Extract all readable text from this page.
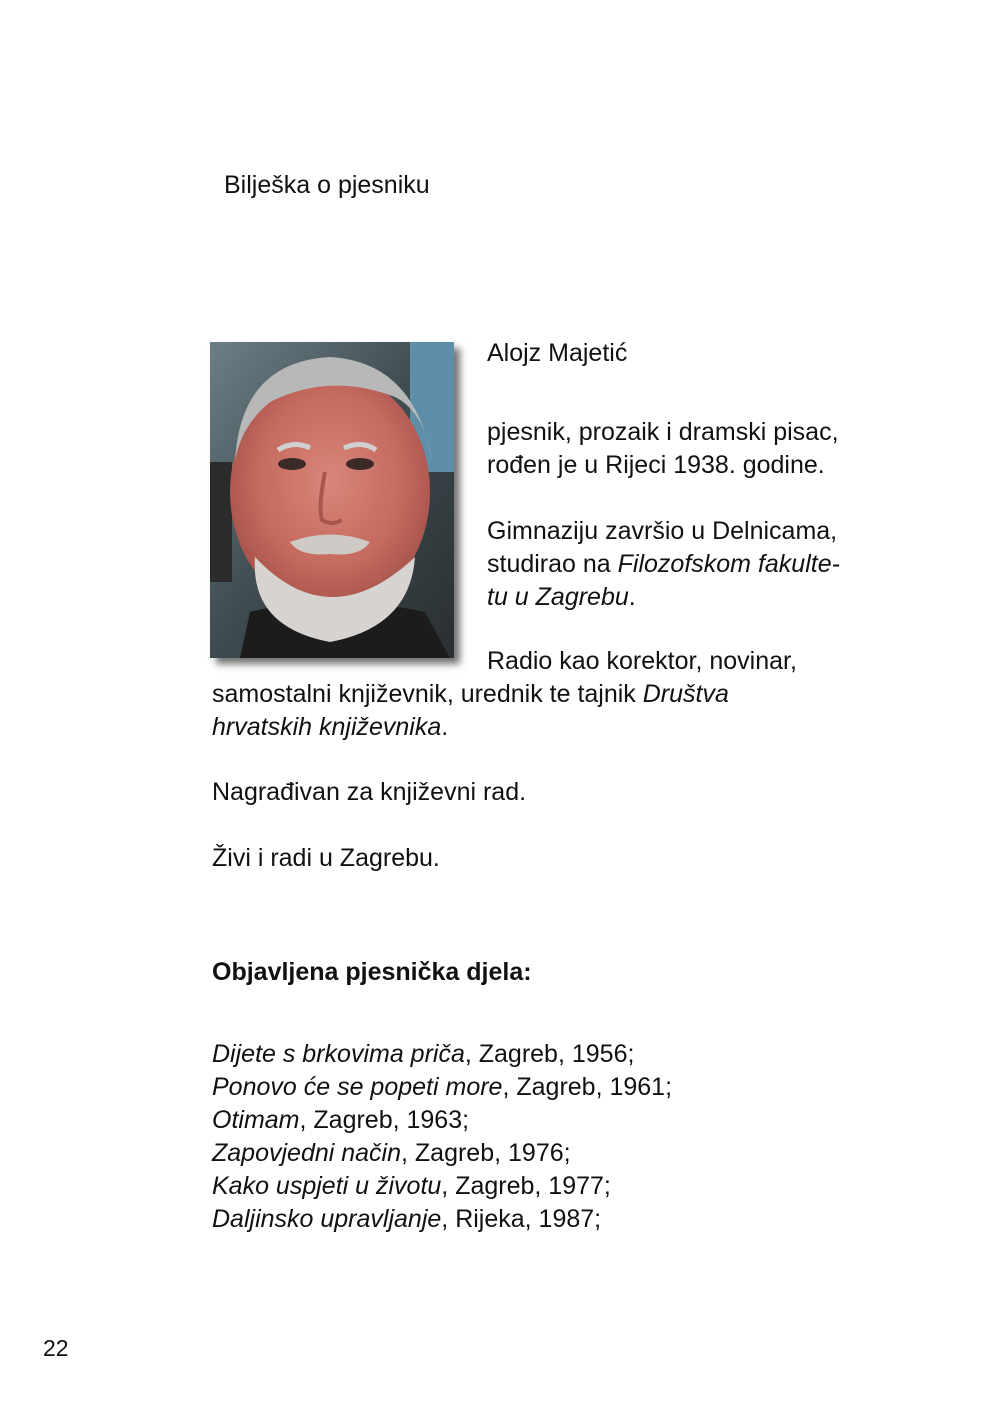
Bilješka o pjesniku
Alojz Majetić
pjesnik, prozaik i dramski pisac,
rođen je u Rijeci 1938. godine.
Gimnaziju završio u Delnicama,
studirao na Filozofskom fakulte-
tu u Zagrebu.
Radio kao korektor, novinar,
samostalni književnik, urednik te tajnik Društva
hrvatskih književnika.
Nagrađivan za književni rad.
Živi i radi u Zagrebu.
Objavljena pjesnička djela:
Dijete s brkovima priča, Zagreb, 1956;
Ponovo će se popeti more, Zagreb, 1961;
Otimam, Zagreb, 1963;
Zapovjedni način, Zagreb, 1976;
Kako uspjeti u životu, Zagreb, 1977;
Daljinsko upravljanje, Rijeka, 1987;
22
